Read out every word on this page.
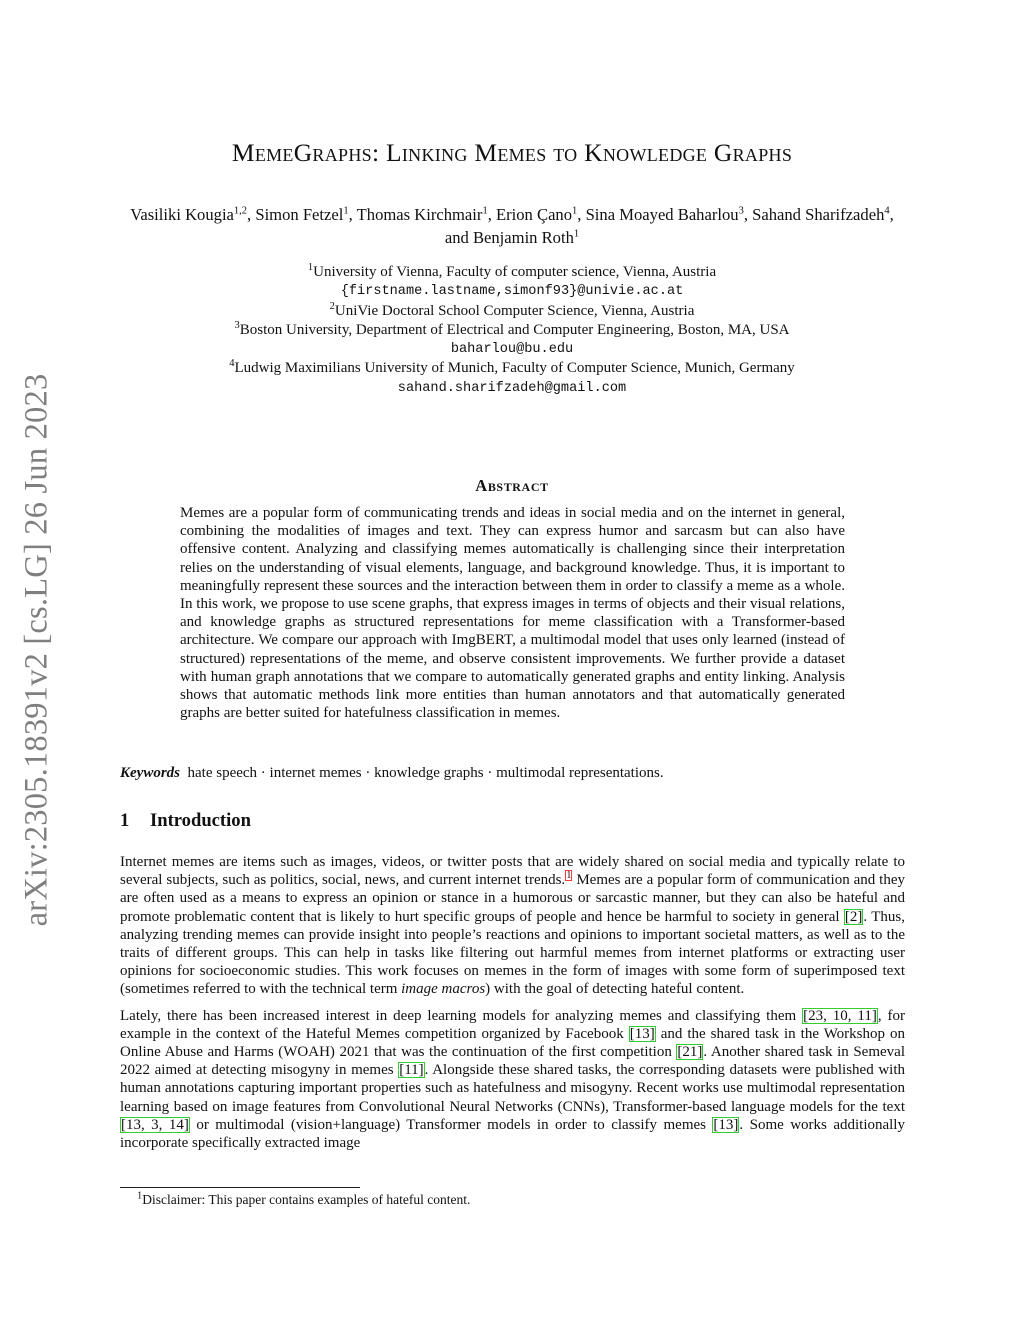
arXiv:2305.18391v2 [cs.LG] 26 Jun 2023
MemeGraphs: Linking Memes to Knowledge Graphs
Vasiliki Kougia$^{1,2}$, Simon Fetzel$^1$, Thomas Kirchmair$^1$, Erion Çano$^1$, Sina Moayed Baharlou$^3$, Sahand Sharifzadeh$^4$, and Benjamin Roth$^1$
$^1$University of Vienna, Faculty of computer science, Vienna, Austria
{firstname.lastname,simonf93}@univie.ac.at
$^2$UniVie Doctoral School Computer Science, Vienna, Austria
$^3$Boston University, Department of Electrical and Computer Engineering, Boston, MA, USA
baharlou@bu.edu
$^4$Ludwig Maximilians University of Munich, Faculty of Computer Science, Munich, Germany
sahand.sharifzadeh@gmail.com
Abstract
Memes are a popular form of communicating trends and ideas in social media and on the internet in general, combining the modalities of images and text. They can express humor and sarcasm but can also have offensive content. Analyzing and classifying memes automatically is challenging since their interpretation relies on the understanding of visual elements, language, and background knowledge. Thus, it is important to meaningfully represent these sources and the interaction between them in order to classify a meme as a whole. In this work, we propose to use scene graphs, that express images in terms of objects and their visual relations, and knowledge graphs as structured representations for meme classification with a Transformer-based architecture. We compare our approach with ImgBERT, a multimodal model that uses only learned (instead of structured) representations of the meme, and observe consistent improvements. We further provide a dataset with human graph annotations that we compare to automatically generated graphs and entity linking. Analysis shows that automatic methods link more entities than human annotators and that automatically generated graphs are better suited for hatefulness classification in memes.
Keywords hate speech · internet memes · knowledge graphs · multimodal representations.
1 Introduction

Internet memes are items such as images, videos, or twitter posts that are widely shared on social media and typically relate to several subjects, such as politics, social, news, and current internet trends.$^1$ Memes are a popular form of communication and they are often used as a means to express an opinion or stance in a humorous or sarcastic manner, but they can also be hateful and promote problematic content that is likely to hurt specific groups of people and hence be harmful to society in general [2]. Thus, analyzing trending memes can provide insight into people’s reactions and opinions to important societal matters, as well as to the traits of different groups. This can help in tasks like filtering out harmful memes from internet platforms or extracting user opinions for socioeconomic studies. This work focuses on memes in the form of images with some form of superimposed text (sometimes referred to with the technical term image macros) with the goal of detecting hateful content.

Lately, there has been increased interest in deep learning models for analyzing memes and classifying them [23, 10, 11], for example in the context of the Hateful Memes competition organized by Facebook [13] and the shared task in the Workshop on Online Abuse and Harms (WOAH) 2021 that was the continuation of the first competition [21]. Another shared task in Semeval 2022 aimed at detecting misogyny in memes [11]. Alongside these shared tasks, the corresponding datasets were published with human annotations capturing important properties such as hatefulness and misogyny. Recent works use multimodal representation learning based on image features from Convolutional Neural Networks (CNNs), Transformer-based language models for the text [13, 3, 14] or multimodal (vision+language) Transformer models in order to classify memes [13]. Some works additionally incorporate specifically extracted image

$^1$Disclaimer: This paper contains examples of hateful content.
